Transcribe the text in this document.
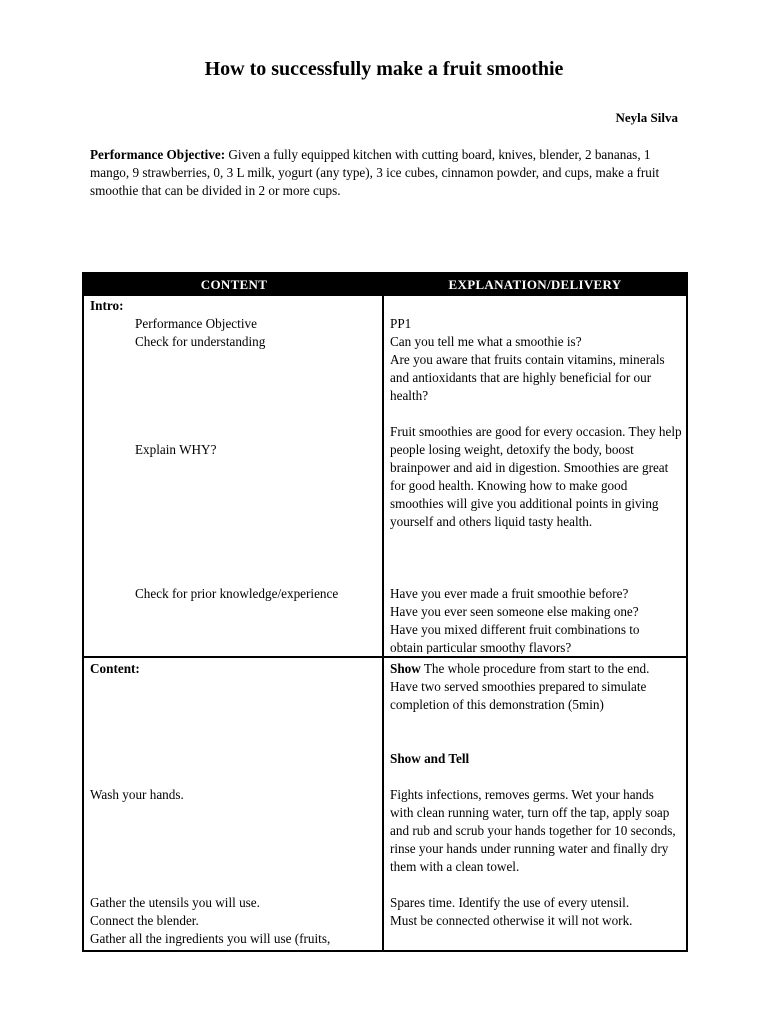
How to successfully make a fruit smoothie
Neyla Silva
Performance Objective: Given a fully equipped kitchen with cutting board, knives, blender, 2 bananas, 1 mango, 9 strawberries, 0, 3 L milk, yogurt (any type), 3 ice cubes, cinnamon powder, and cups, make a fruit smoothie that can be divided in 2 or more cups.
CONTENT	EXPLANATION/DELIVERY
Intro:
Performance Objective
Check for understanding
Explain WHY?
Check for prior knowledge/experience
PP1
Can you tell me what a smoothie is?
Are you aware that fruits contain vitamins, minerals and antioxidants that are highly beneficial for our health?
Fruit smoothies are good for every occasion. They help people losing weight, detoxify the body, boost brainpower and aid in digestion. Smoothies are great for good health. Knowing how to make good smoothies will give you additional points in giving yourself and others liquid tasty health.
Have you ever made a fruit smoothie before?
Have you ever seen someone else making one?
Have you mixed different fruit combinations to
obtain particular smoothy flavors?
Content:
Wash your hands.
Gather the utensils you will use.
Connect the blender.
Gather all the ingredients you will use (fruits,
Show The whole procedure from start to the end. Have two served smoothies prepared to simulate completion of this demonstration (5min)
Show and Tell
Fights infections, removes germs. Wet your hands with clean running water, turn off the tap, apply soap and rub and scrub your hands together for 10 seconds, rinse your hands under running water and finally dry them with a clean towel.
Spares time. Identify the use of every utensil.
Must be connected otherwise it will not work.
